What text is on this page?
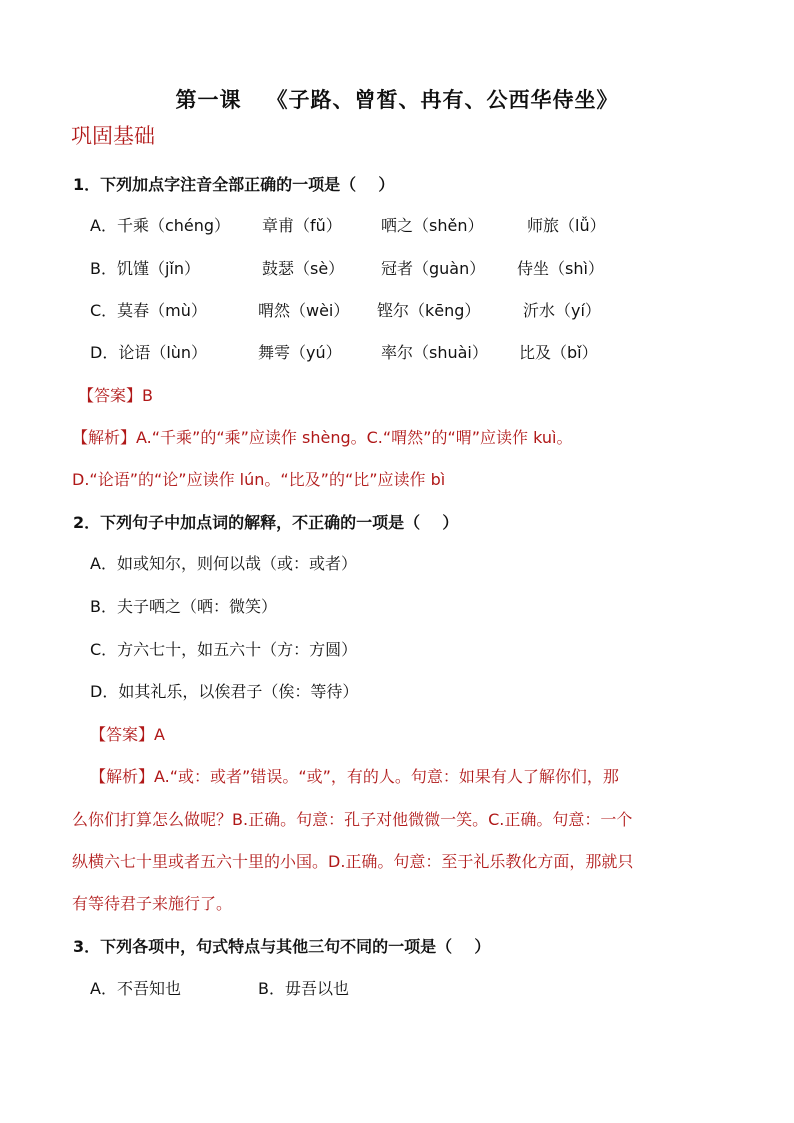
第一课   《子路、曾皙、冉有、公西华侍坐》
巩固基础
1．下列加点字注音全部正确的一项是（    ）
A．千乘（chéng） 章甫（fǔ） 哂之（shěn）	师旅（lǚ）
B．饥馑（jǐn）	鼓瑟（sè） 冠者（guàn） 侍坐（shì）
C．莫春（mù）	喟然（wèi） 铿尔（kēng）	沂水（yí）
D．论语（lùn）	舞雩（yú） 率尔（shuài） 比及（bǐ）
【答案】B
【解析】A.“千乘”的“乘”应读作 shèng。C.“喟然”的“喟”应读作 kuì。
D.“论语”的“论”应读作 lún。“比及”的“比”应读作 bì
2．下列句子中加点词的解释，不正确的一项是（    ）
A．如或知尔，则何以哉（或：或者）
B．夫子哂之（哂：微笑）
C．方六七十，如五六十（方：方圆）
D．如其礼乐，以俟君子（俟：等待）
【答案】A
【解析】A.“或：或者”错误。“或”，有的人。句意：如果有人了解你们，那
么你们打算怎么做呢？B.正确。句意：孔子对他微微一笑。C.正确。句意：一个
纵横六七十里或者五六十里的小国。D.正确。句意：至于礼乐教化方面，那就只
有等待君子来施行了。
3．下列各项中，句式特点与其他三句不同的一项是（    ）
A．不吾知也	B．毋吾以也
